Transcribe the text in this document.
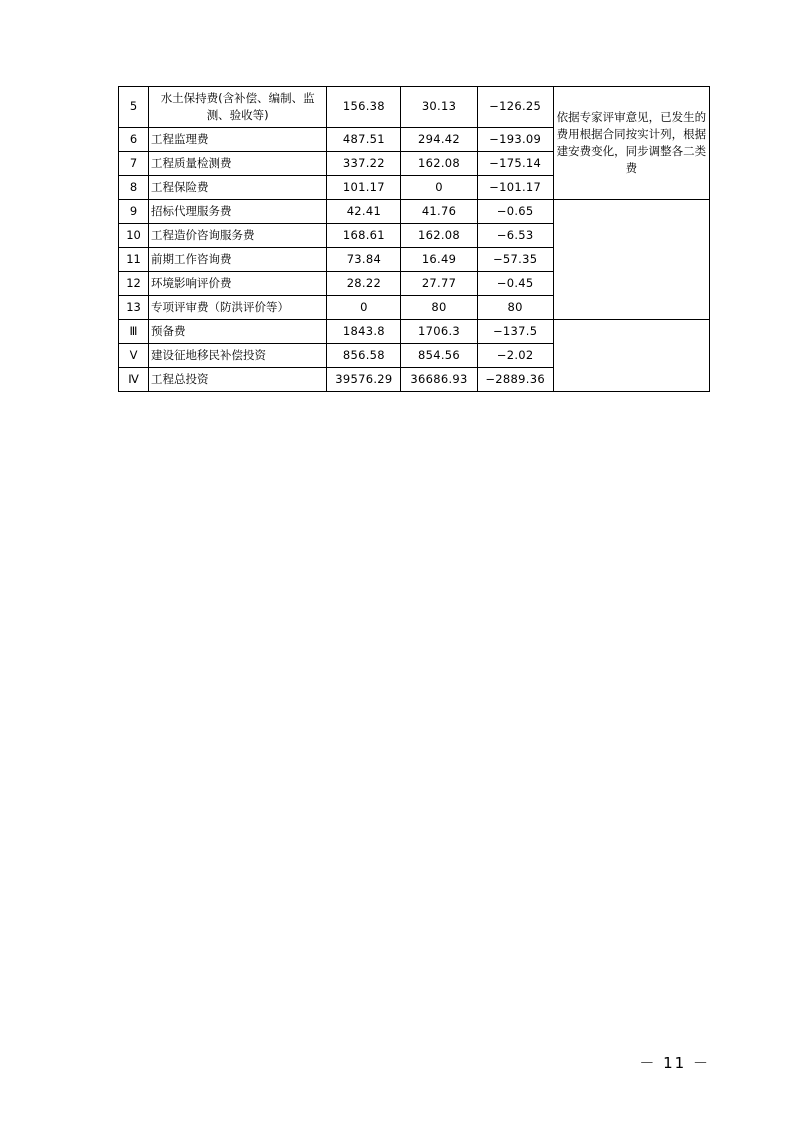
5	水土保持费(含补偿、编制、监测、验收等)	156.38	30.13	−126.25	依据专家评审意见，已发生的费用根据合同按实计列，根据建安费变化，同步调整各二类费
6	工程监理费	487.51	294.42	−193.09	
7	工程质量检测费	337.22	162.08	−175.14	
8	工程保险费	101.17	0	−101.17	
9	招标代理服务费	42.41	41.76	−0.65	
10	工程造价咨询服务费	168.61	162.08	−6.53	
11	前期工作咨询费	73.84	16.49	−57.35	
12	环境影响评价费	28.22	27.77	−0.45	
13	专项评审费（防洪评价等）	0	80	80	
Ⅲ	预备费	1843.8	1706.3	−137.5	
Ⅴ	建设征地移民补偿投资	856.58	854.56	−2.02	
Ⅳ	工程总投资	39576.29	36686.93	−2889.36	
－ 11 －
